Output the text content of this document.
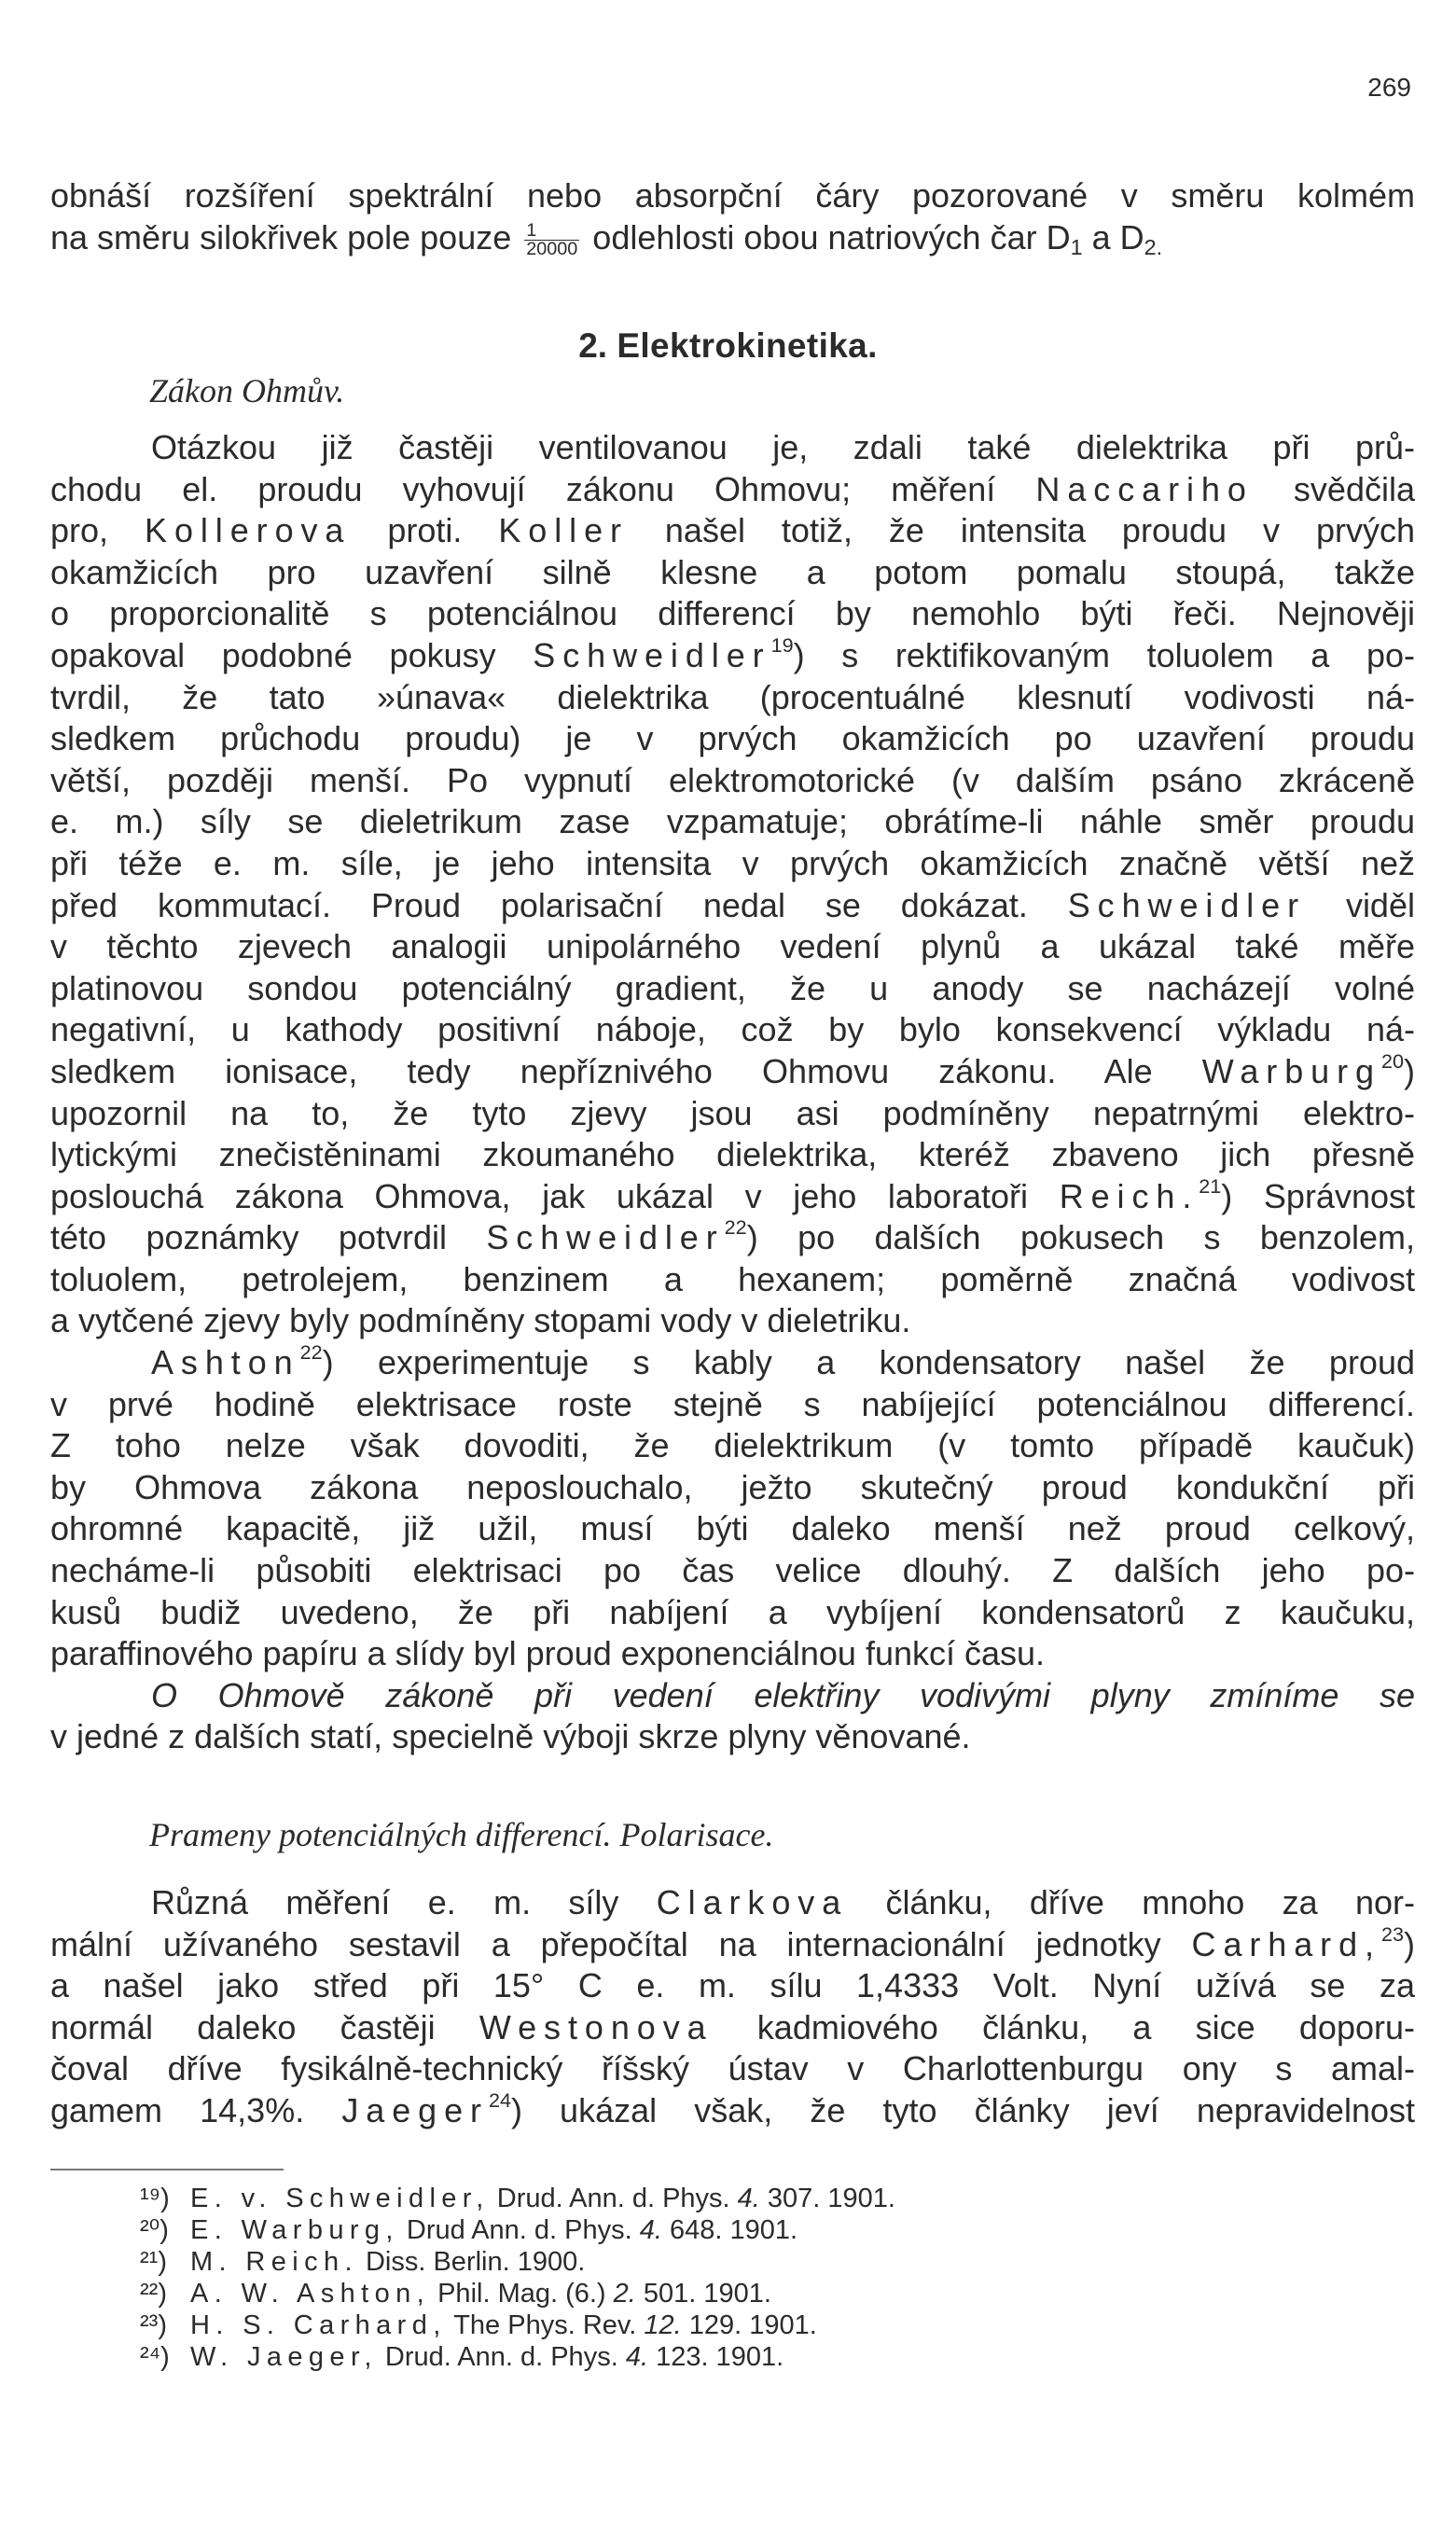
269

obnáší rozšíření spektrální nebo absorpční čáry pozorované v směru kolmém

na směru silokřivek pole pouze $\frac{1}{20000}$ odlehlosti obou natriových čar $D_1$ a $D_{2.}$

2. Elektrokinetika.

Zákon Ohmův.

Otázkou již častěji ventilovanou je, zdali také dielektrika při prů-

chodu el. proudu vyhovují zákonu Ohmovu; měření Naccariho svědčila

pro, Kollerova proti. Koller našel totiž, že intensita proudu v prvých

okamžicích pro uzavření silně klesne a potom pomalu stoupá, takže

o proporcionalitě s potenciálnou differencí by nemohlo býti řeči. Nejnověji

opakoval podobné pokusy Schweidler$^{19}$) s rektifikovaným toluolem a po-

tvrdil, že tato »únava« dielektrika (procentuálné klesnutí vodivosti ná-

sledkem průchodu proudu) je v prvých okamžicích po uzavření proudu

větší, později menší. Po vypnutí elektromotorické (v dalším psáno zkráceně

e. m.) síly se dieletrikum zase vzpamatuje; obrátíme-li náhle směr proudu

při téže e. m. síle, je jeho intensita v prvých okamžicích značně větší než

před kommutací. Proud polarisační nedal se dokázat. Schweidler viděl

v těchto zjevech analogii unipolárného vedení plynů a ukázal také měře

platinovou sondou potenciálný gradient, že u anody se nacházejí volné

negativní, u kathody positivní náboje, což by bylo konsekvencí výkladu ná-

sledkem ionisace, tedy nepříznivého Ohmovu zákonu. Ale Warburg$^{20}$)

upozornil na to, že tyto zjevy jsou asi podmíněny nepatrnými elektro-

lytickými znečistěninami zkoumaného dielektrika, kteréž zbaveno jich přesně

poslouchá zákona Ohmova, jak ukázal v jeho laboratoři Reich.$^{21}$) Správnost

této poznámky potvrdil Schweidler$^{22}$) po dalších pokusech s benzolem,

toluolem, petrolejem, benzinem a hexanem; poměrně značná vodivost

a vytčené zjevy byly podmíněny stopami vody v dieletriku.

Ashton$^{22}$) experimentuje s kably a kondensatory našel že proud

v prvé hodině elektrisace roste stejně s nabíjející potenciálnou differencí.

Z toho nelze však dovoditi, že dielektrikum (v tomto případě kaučuk)

by Ohmova zákona neposlouchalo, ježto skutečný proud kondukční při

ohromné kapacitě, již užil, musí býti daleko menší než proud celkový,

necháme-li působiti elektrisaci po čas velice dlouhý. Z dalších jeho po-

kusů budiž uvedeno, že při nabíjení a vybíjení kondensatorů z kaučuku,

paraffinového papíru a slídy byl proud exponenciálnou funkcí času.

O Ohmově zákoně při vedení elektřiny vodivými plyny zmíníme se

v jedné z dalších statí, specielně výboji skrze plyny věnované.

Prameny potenciálných differencí. Polarisace.

Různá měření e. m. síly Clarkova článku, dříve mnoho za nor-

mální užívaného sestavil a přepočítal na internacionální jednotky Carhard,$^{23}$)

a našel jako střed při 15° C e. m. sílu 1,4333 Volt. Nyní užívá se za

normál daleko častěji Westonova kadmiového článku, a sice doporu-

čoval dříve fysikálně-technický říšský ústav v Charlottenburgu ony s amal-

gamem 14,3%. Jaeger$^{24}$) ukázal však, že tyto články jeví nepravidelnost

¹⁹) E. v. Schweidler, Drud. Ann. d. Phys. 4. 307. 1901.

²⁰) E. Warburg, Drud Ann. d. Phys. 4. 648. 1901.

²¹) M. Reich. Diss. Berlin. 1900.

²²) A. W. Ashton, Phil. Mag. (6.) 2. 501. 1901.

²³) H. S. Carhard, The Phys. Rev. 12. 129. 1901.

²⁴) W. Jaeger, Drud. Ann. d. Phys. 4. 123. 1901.
